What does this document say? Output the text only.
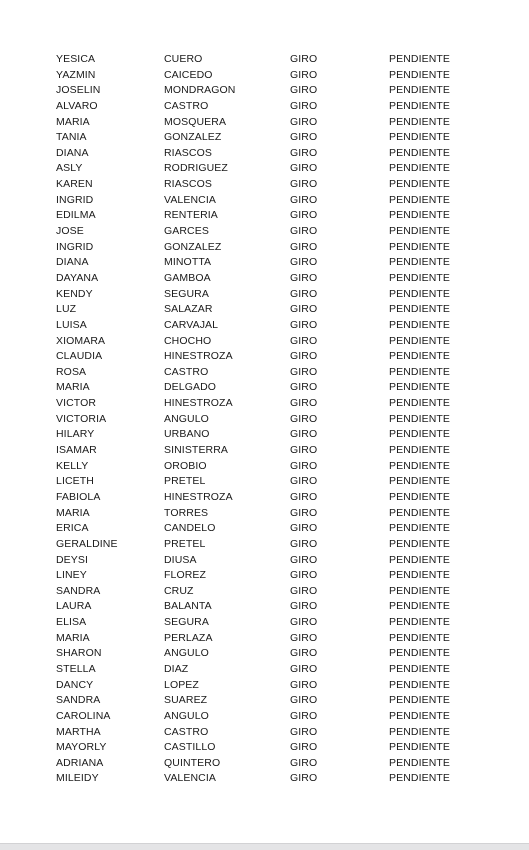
YESICA	CUERO	GIRO	PENDIENTE
YAZMIN	CAICEDO	GIRO	PENDIENTE
JOSELIN	MONDRAGON	GIRO	PENDIENTE
ALVARO	CASTRO	GIRO	PENDIENTE
MARIA	MOSQUERA	GIRO	PENDIENTE
TANIA	GONZALEZ	GIRO	PENDIENTE
DIANA	RIASCOS	GIRO	PENDIENTE
ASLY	RODRIGUEZ	GIRO	PENDIENTE
KAREN	RIASCOS	GIRO	PENDIENTE
INGRID	VALENCIA	GIRO	PENDIENTE
EDILMA	RENTERIA	GIRO	PENDIENTE
JOSE	GARCES	GIRO	PENDIENTE
INGRID	GONZALEZ	GIRO	PENDIENTE
DIANA	MINOTTA	GIRO	PENDIENTE
DAYANA	GAMBOA	GIRO	PENDIENTE
KENDY	SEGURA	GIRO	PENDIENTE
LUZ	SALAZAR	GIRO	PENDIENTE
LUISA	CARVAJAL	GIRO	PENDIENTE
XIOMARA	CHOCHO	GIRO	PENDIENTE
CLAUDIA	HINESTROZA	GIRO	PENDIENTE
ROSA	CASTRO	GIRO	PENDIENTE
MARIA	DELGADO	GIRO	PENDIENTE
VICTOR	HINESTROZA	GIRO	PENDIENTE
VICTORIA	ANGULO	GIRO	PENDIENTE
HILARY	URBANO	GIRO	PENDIENTE
ISAMAR	SINISTERRA	GIRO	PENDIENTE
KELLY	OROBIO	GIRO	PENDIENTE
LICETH	PRETEL	GIRO	PENDIENTE
FABIOLA	HINESTROZA	GIRO	PENDIENTE
MARIA	TORRES	GIRO	PENDIENTE
ERICA	CANDELO	GIRO	PENDIENTE
GERALDINE	PRETEL	GIRO	PENDIENTE
DEYSI	DIUSA	GIRO	PENDIENTE
LINEY	FLOREZ	GIRO	PENDIENTE
SANDRA	CRUZ	GIRO	PENDIENTE
LAURA	BALANTA	GIRO	PENDIENTE
ELISA	SEGURA	GIRO	PENDIENTE
MARIA	PERLAZA	GIRO	PENDIENTE
SHARON	ANGULO	GIRO	PENDIENTE
STELLA	DIAZ	GIRO	PENDIENTE
DANCY	LOPEZ	GIRO	PENDIENTE
SANDRA	SUAREZ	GIRO	PENDIENTE
CAROLINA	ANGULO	GIRO	PENDIENTE
MARTHA	CASTRO	GIRO	PENDIENTE
MAYORLY	CASTILLO	GIRO	PENDIENTE
ADRIANA	QUINTERO	GIRO	PENDIENTE
MILEIDY	VALENCIA	GIRO	PENDIENTE
